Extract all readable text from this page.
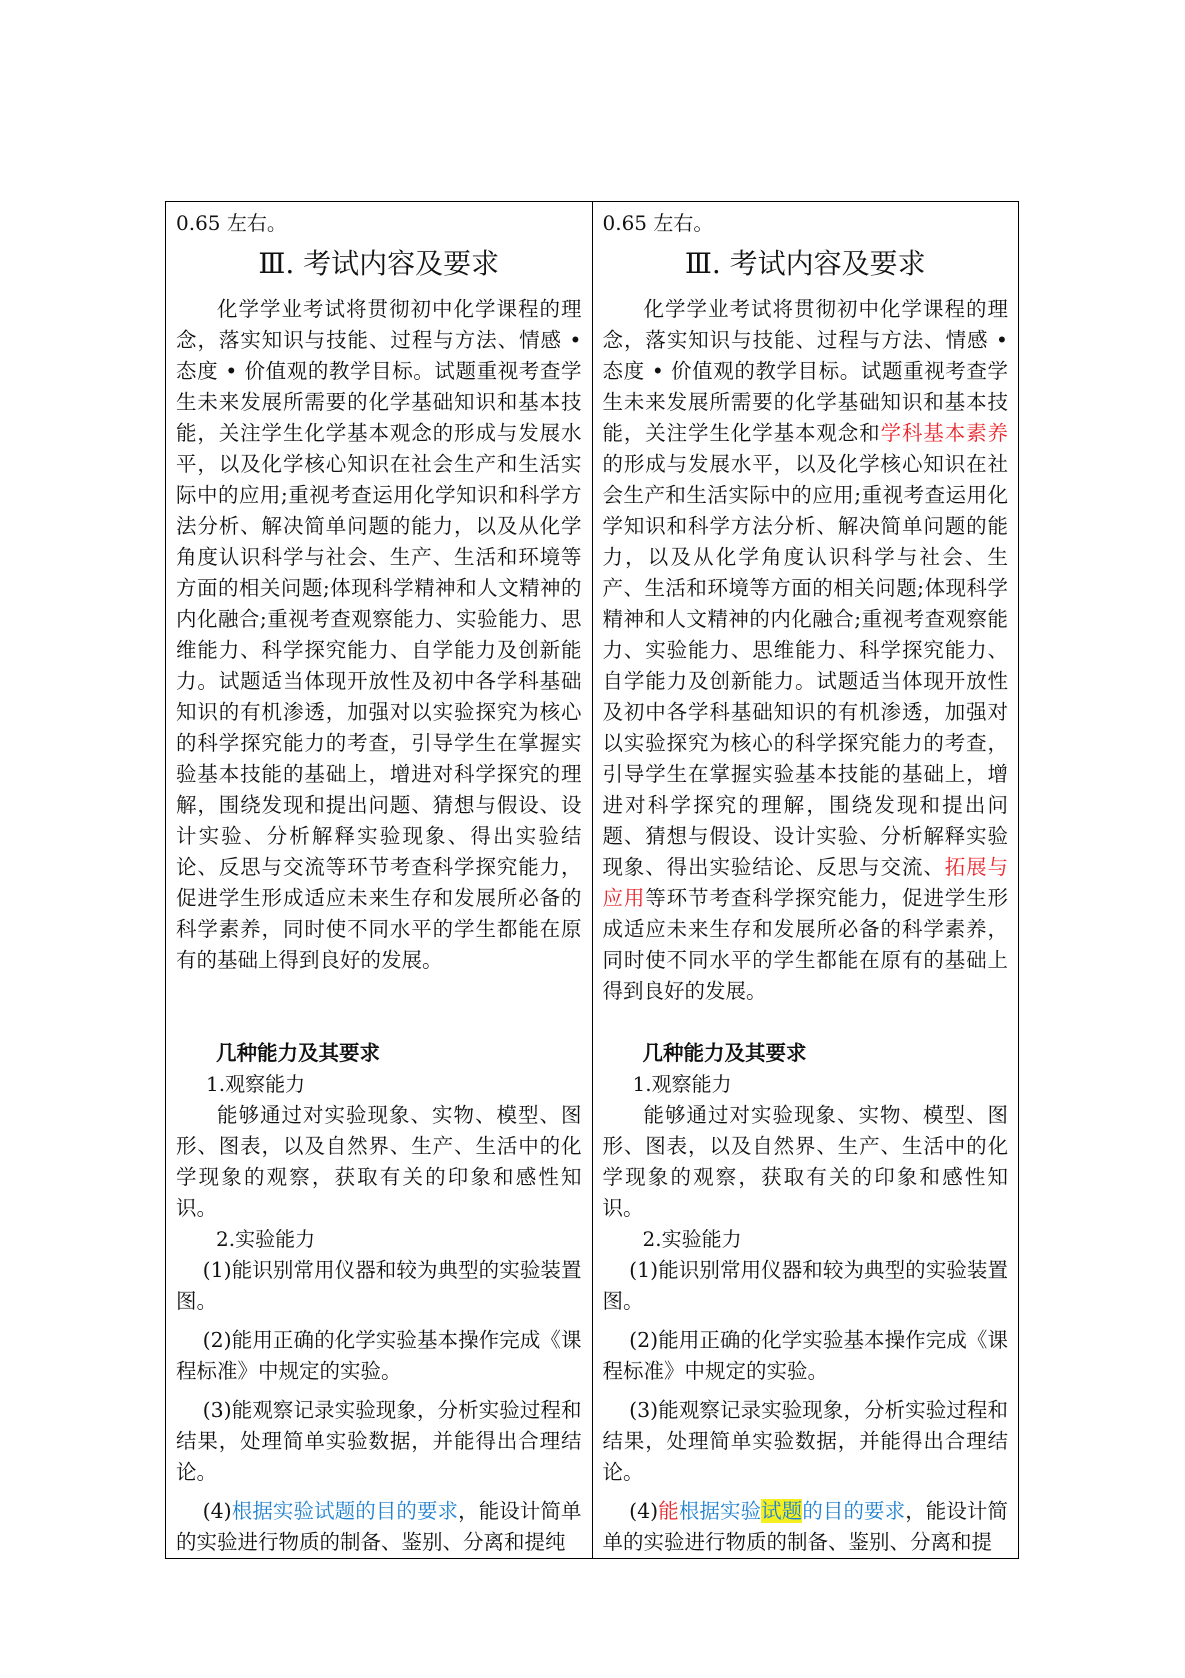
0.65 左右。

Ⅲ. 考试内容及要求

化学学业考试将贯彻初中化学课程的理念，落实知识与技能、过程与方法、情感 • 态度 • 价值观的教学目标。试题重视考查学生未来发展所需要的化学基础知识和基本技能，关注学生化学基本观念的形成与发展水平，以及化学核心知识在社会生产和生活实际中的应用;重视考查运用化学知识和科学方法分析、解决简单问题的能力，以及从化学角度认识科学与社会、生产、生活和环境等方面的相关问题;体现科学精神和人文精神的内化融合;重视考查观察能力、实验能力、思维能力、科学探究能力、自学能力及创新能力。试题适当体现开放性及初中各学科基础知识的有机渗透，加强对以实验探究为核心的科学探究能力的考查，引导学生在掌握实验基本技能的基础上，增进对科学探究的理解，围绕发现和提出问题、猜想与假设、设计实验、分析解释实验现象、得出实验结论、反思与交流等环节考查科学探究能力，促进学生形成适应未来生存和发展所必备的科学素养，同时使不同水平的学生都能在原有的基础上得到良好的发展。

几种能力及其要求

1.观察能力

能够通过对实验现象、实物、模型、图形、图表，以及自然界、生产、生活中的化学现象的观察，获取有关的印象和感性知识。

2.实验能力

(1)能识别常用仪器和较为典型的实验装置图。

(2)能用正确的化学实验基本操作完成《课程标准》中规定的实验。

(3)能观察记录实验现象，分析实验过程和结果，处理简单实验数据，并能得出合理结论。

(4)根据实验试题的目的要求，能设计简单的实验进行物质的制备、鉴别、分离和提纯

0.65 左右。

Ⅲ. 考试内容及要求

化学学业考试将贯彻初中化学课程的理念，落实知识与技能、过程与方法、情感 • 态度 • 价值观的教学目标。试题重视考查学生未来发展所需要的化学基础知识和基本技能，关注学生化学基本观念和学科基本素养的形成与发展水平，以及化学核心知识在社会生产和生活实际中的应用;重视考查运用化学知识和科学方法分析、解决简单问题的能力，以及从化学角度认识科学与社会、生产、生活和环境等方面的相关问题;体现科学精神和人文精神的内化融合;重视考查观察能力、实验能力、思维能力、科学探究能力、自学能力及创新能力。试题适当体现开放性及初中各学科基础知识的有机渗透，加强对以实验探究为核心的科学探究能力的考查，引导学生在掌握实验基本技能的基础上，增进对科学探究的理解，围绕发现和提出问题、猜想与假设、设计实验、分析解释实验现象、得出实验结论、反思与交流、拓展与应用等环节考查科学探究能力，促进学生形成适应未来生存和发展所必备的科学素养，同时使不同水平的学生都能在原有的基础上得到良好的发展。

几种能力及其要求

1.观察能力

能够通过对实验现象、实物、模型、图形、图表，以及自然界、生产、生活中的化学现象的观察，获取有关的印象和感性知识。

2.实验能力

(1)能识别常用仪器和较为典型的实验装置图。

(2)能用正确的化学实验基本操作完成《课程标准》中规定的实验。

(3)能观察记录实验现象，分析实验过程和结果，处理简单实验数据，并能得出合理结论。

(4)能根据实验试题的目的要求，能设计简单的实验进行物质的制备、鉴别、分离和提
